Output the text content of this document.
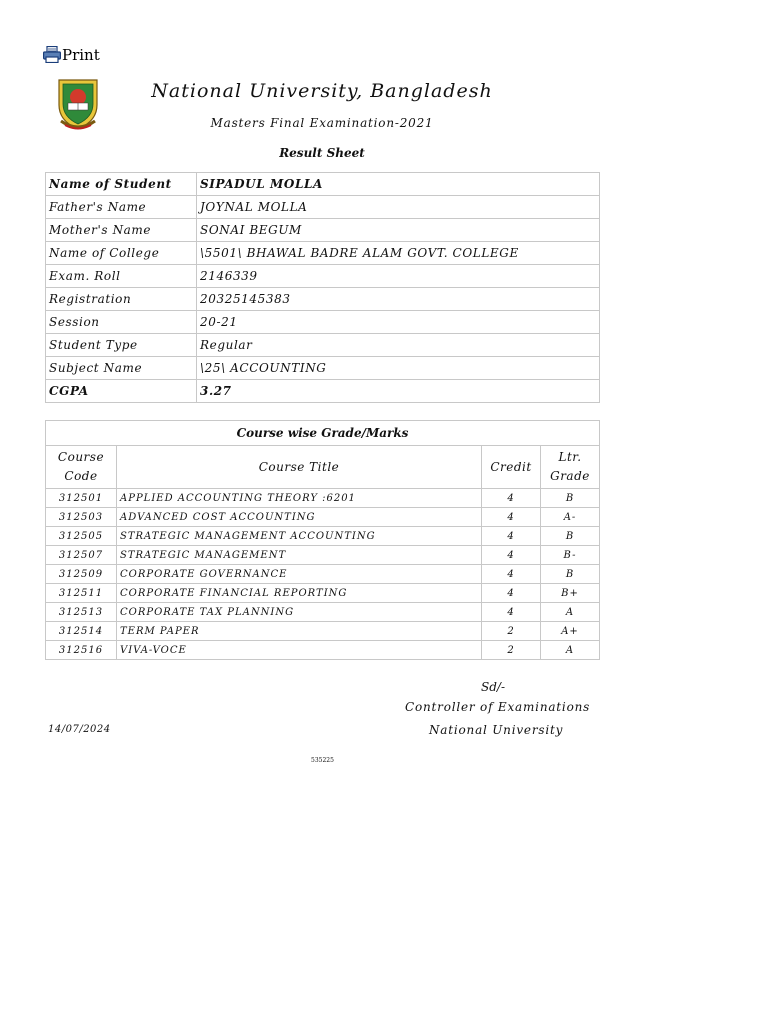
Print
National University, Bangladesh
Masters Final Examination-2021
Result Sheet
Name of Student	SIPADUL MOLLA
Father's Name	JOYNAL MOLLA
Mother's Name	SONAI BEGUM
Name of College	\5501\ BHAWAL BADRE ALAM GOVT. COLLEGE
Exam. Roll	2146339
Registration	20325145383
Session	20-21
Student Type	Regular
Subject Name	\25\ ACCOUNTING
CGPA	3.27
Course wise Grade/Marks			
Course Code	Course Title	Credit	Ltr. Grade
312501	APPLIED ACCOUNTING THEORY :6201	4	B
312503	ADVANCED COST ACCOUNTING	4	A-
312505	STRATEGIC MANAGEMENT ACCOUNTING	4	B
312507	STRATEGIC MANAGEMENT	4	B-
312509	CORPORATE GOVERNANCE	4	B
312511	CORPORATE FINANCIAL REPORTING	4	B+
312513	CORPORATE TAX PLANNING	4	A
312514	TERM PAPER	2	A+
312516	VIVA-VOCE	2	A
Sd/-
Controller of Examinations
National University
14/07/2024
535225
